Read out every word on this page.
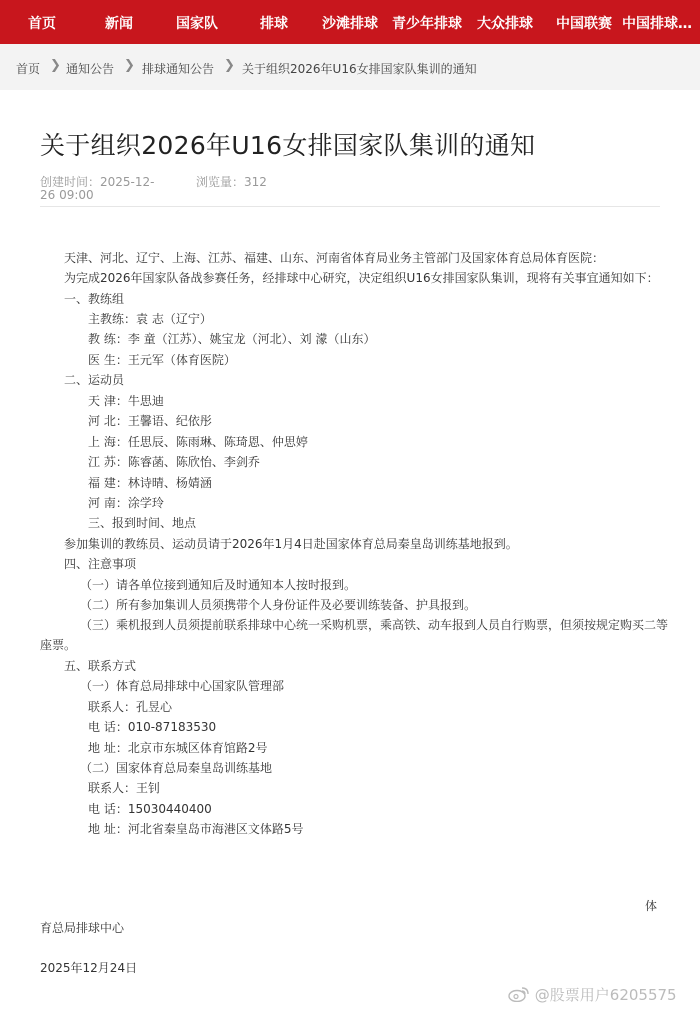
首页	新闻	国家队	排球 沙滩排球 青少年排球 大众排球 中国联赛 中国排球…
首页 ❯ 通知公告 ❯ 排球通知公告 ❯ 关于组织2026年U16女排国家队集训的通知
关于组织2026年U16女排国家队集训的通知
创建时间：2025-12-26 09:00
浏览量：312
天津、河北、辽宁、上海、江苏、福建、山东、河南省体育局业务主管部门及国家体育总局体育医院：
为完成2026年国家队备战参赛任务，经排球中心研究，决定组织U16女排国家队集训，现将有关事宜通知如下：
一、教练组
主教练：袁 志（辽宁）
教 练：李 童（江苏）、姚宝龙（河北）、刘 濛（山东）
医 生：王元军（体育医院）
二、运动员
天 津：牛思迪
河 北：王馨语、纪依彤
上 海：任思辰、陈雨琳、陈琦恩、仲思婷
江 苏：陈睿菡、陈欣怡、李剑乔
福 建：林诗晴、杨婧涵
河 南：涂学玲
三、报到时间、地点
参加集训的教练员、运动员请于2026年1月4日赴国家体育总局秦皇岛训练基地报到。
四、注意事项
（一）请各单位接到通知后及时通知本人按时报到。
（二）所有参加集训人员须携带个人身份证件及必要训练装备、护具报到。
（三）乘机报到人员须提前联系排球中心统一采购机票，乘高铁、动车报到人员自行购票，但须按规定购买二等
座票。
五、联系方式
（一）体育总局排球中心国家队管理部
联系人：孔昱心
电 话：010-87183530
地 址：北京市东城区体育馆路2号
（二）国家体育总局秦皇岛训练基地
联系人：王钊
电 话：15030440400
地 址：河北省秦皇岛市海港区文体路5号
体
育总局排球中心
2025年12月24日
@股票用户6205575
